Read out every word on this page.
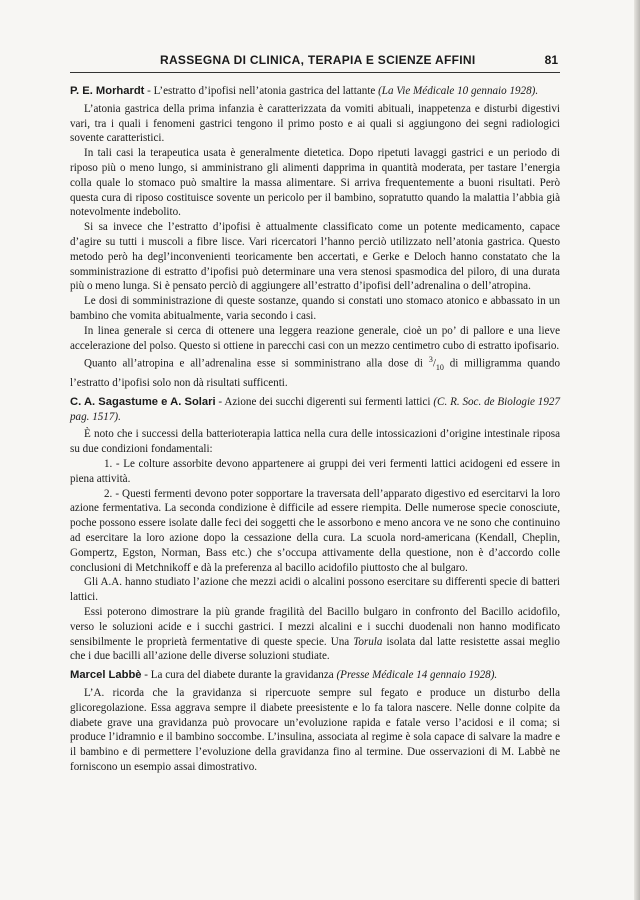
RASSEGNA DI CLINICA, TERAPIA E SCIENZE AFFINI	81
P. E. Morhardt - L’estratto d’ipofisi nell’atonia gastrica del lattante (La Vie Médicale 10 gennaio 1928).

L’atonia gastrica della prima infanzia è caratterizzata da vomiti abituali, inappetenza e disturbi digestivi vari, tra i quali i fenomeni gastrici tengono il primo posto e ai quali si aggiungono dei segni radiologici sovente caratteristici.

In tali casi la terapeutica usata è generalmente dietetica. Dopo ripetuti lavaggi gastrici e un periodo di riposo più o meno lungo, si amministrano gli alimenti dapprima in quantità moderata, per tastare l’energia colla quale lo stomaco può smaltire la massa alimentare. Si arriva frequentemente a buoni risultati. Però questa cura di riposo costituisce sovente un pericolo per il bambino, sopratutto quando la malattia l’abbia già notevolmente indebolito.

Si sa invece che l’estratto d’ipofisi è attualmente classificato come un potente medicamento, capace d’agire su tutti i muscoli a fibre lisce. Vari ricercatori l’hanno perciò utilizzato nell’atonia gastrica. Questo metodo però ha degl’inconvenienti teoricamente ben accertati, e Gerke e Deloch hanno constatato che la somministrazione di estratto d’ipofisi può determinare una vera stenosi spasmodica del piloro, di una durata più o meno lunga. Si è pensato perciò di aggiungere all’estratto d’ipofisi dell’adrenalina o dell’atropina.

Le dosi di somministrazione di queste sostanze, quando si constati uno stomaco atonico e abbassato in un bambino che vomita abitualmente, varia secondo i casi.

In linea generale si cerca di ottenere una leggera reazione generale, cioè un po’ di pallore e una lieve accelerazione del polso. Questo si ottiene in parecchi casi con un mezzo centimetro cubo di estratto ipofisario.

Quanto all’atropina e all’adrenalina esse si somministrano alla dose di $^3/_{10}$ di milligramma quando l’estratto d’ipofisi solo non dà risultati sufficenti.

C. A. Sagastume e A. Solari - Azione dei succhi digerenti sui fermenti lattici (C. R. Soc. de Biologie 1927 pag. 1517).

È noto che i successi della batterioterapia lattica nella cura delle intossicazioni d’origine intestinale riposa su due condizioni fondamentali:

1. - Le colture assorbite devono appartenere ai gruppi dei veri fermenti lattici acidogeni ed essere in piena attività.

2. - Questi fermenti devono poter sopportare la traversata dell’apparato digestivo ed esercitarvi la loro azione fermentativa. La seconda condizione è difficile ad essere riempita. Delle numerose specie conosciute, poche possono essere isolate dalle feci dei soggetti che le assorbono e meno ancora ve ne sono che continuino ad esercitare la loro azione dopo la cessazione della cura. La scuola nord-americana (Kendall, Cheplin, Gompertz, Egston, Norman, Bass etc.) che s’occupa attivamente della questione, non è d’accordo colle conclusioni di Metchnikoff e dà la preferenza al bacillo acidofilo piuttosto che al bulgaro.

Gli A.A. hanno studiato l’azione che mezzi acidi o alcalini possono esercitare su differenti specie di batteri lattici.

Essi poterono dimostrare la più grande fragilità del Bacillo bulgaro in confronto del Bacillo acidofilo, verso le soluzioni acide e i succhi gastrici. I mezzi alcalini e i succhi duodenali non hanno modificato sensibilmente le proprietà fermentative di queste specie. Una Torula isolata dal latte resistette assai meglio che i due bacilli all’azione delle diverse soluzioni studiate.

Marcel Labbè - La cura del diabete durante la gravidanza (Presse Médicale 14 gennaio 1928).

L’A. ricorda che la gravidanza si ripercuote sempre sul fegato e produce un disturbo della glicoregolazione. Essa aggrava sempre il diabete preesistente e lo fa talora nascere. Nelle donne colpite da diabete grave una gravidanza può provocare un’evoluzione rapida e fatale verso l’acidosi e il coma; si produce l’idramnio e il bambino soccombe. L’insulina, associata al regime è sola capace di salvare la madre e il bambino e di permettere l’evoluzione della gravidanza fino al termine. Due osservazioni di M. Labbè ne forniscono un esempio assai dimostrativo.
